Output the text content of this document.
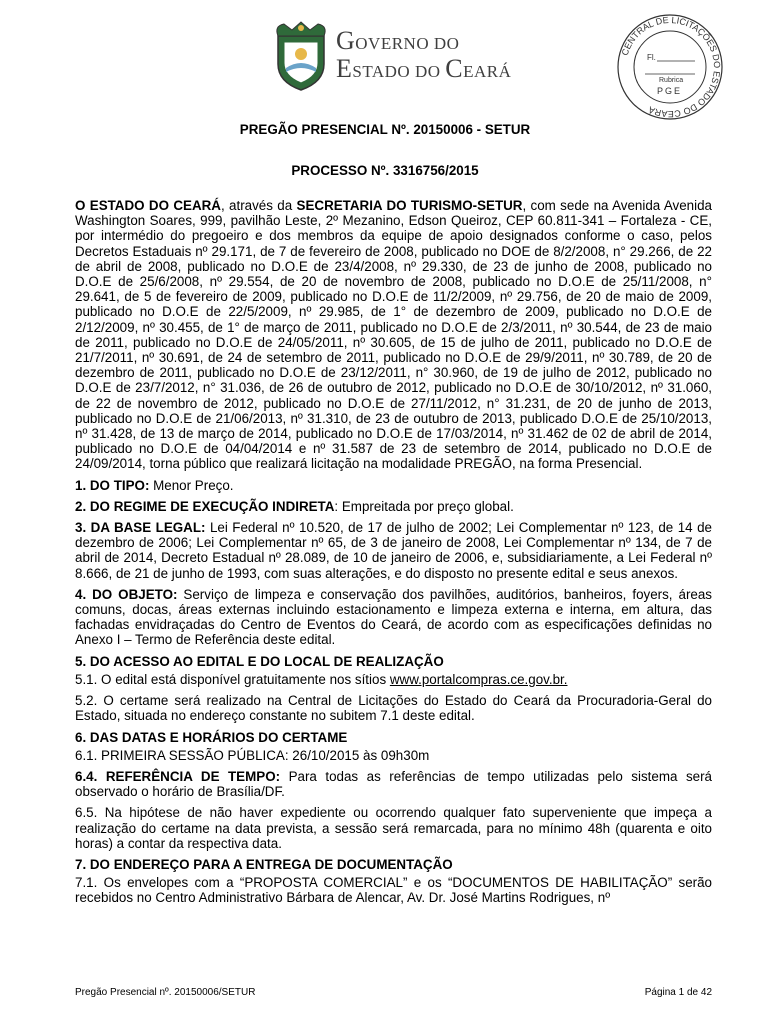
GOVERNO DO
ESTADO DO CEARÁ
CENTRAL DE LICITAÇÕES DO ESTADO DO CEARÁ
Fl.
Rubrica
PGE
PREGÃO PRESENCIAL Nº. 20150006 - SETUR
PROCESSO Nº. 3316756/2015

O ESTADO DO CEARÁ, através da SECRETARIA DO TURISMO-SETUR, com sede na Avenida Avenida Washington Soares, 999, pavilhão Leste, 2º Mezanino, Edson Queiroz, CEP 60.811-341 – Fortaleza - CE, por intermédio do pregoeiro e dos membros da equipe de apoio designados conforme o caso, pelos Decretos Estaduais nº 29.171, de 7 de fevereiro de 2008, publicado no DOE de 8/2/2008, n° 29.266, de 22 de abril de 2008, publicado no D.O.E de 23/4/2008, nº 29.330, de 23 de junho de 2008, publicado no D.O.E de 25/6/2008, nº 29.554, de 20 de novembro de 2008, publicado no D.O.E de 25/11/2008, n° 29.641, de 5 de fevereiro de 2009, publicado no D.O.E de 11/2/2009, nº 29.756, de 20 de maio de 2009, publicado no D.O.E de 22/5/2009, nº 29.985, de 1° de dezembro de 2009, publicado no D.O.E de 2/12/2009, nº 30.455, de 1° de março de 2011, publicado no D.O.E de 2/3/2011, nº 30.544, de 23 de maio de 2011, publicado no D.O.E de 24/05/2011, nº 30.605, de 15 de julho de 2011, publicado no D.O.E de 21/7/2011, nº 30.691, de 24 de setembro de 2011, publicado no D.O.E de 29/9/2011, nº 30.789, de 20 de dezembro de 2011, publicado no D.O.E de 23/12/2011, n° 30.960, de 19 de julho de 2012, publicado no D.O.E de 23/7/2012, n° 31.036, de 26 de outubro de 2012, publicado no D.O.E de 30/10/2012, nº 31.060, de 22 de novembro de 2012, publicado no D.O.E de 27/11/2012, n° 31.231, de 20 de junho de 2013, publicado no D.O.E de 21/06/2013, nº 31.310, de 23 de outubro de 2013, publicado D.O.E de 25/10/2013, nº 31.428, de 13 de março de 2014, publicado no D.O.E de 17/03/2014, nº 31.462 de 02 de abril de 2014, publicado no D.O.E de 04/04/2014 e nº 31.587 de 23 de setembro de 2014, publicado no D.O.E de 24/09/2014, torna público que realizará licitação na modalidade PREGÃO, na forma Presencial.

1. DO TIPO: Menor Preço.

2. DO REGIME DE EXECUÇÃO INDIRETA: Empreitada por preço global.

3. DA BASE LEGAL: Lei Federal nº 10.520, de 17 de julho de 2002; Lei Complementar nº 123, de 14 de dezembro de 2006; Lei Complementar nº 65, de 3 de janeiro de 2008, Lei Complementar nº 134, de 7 de abril de 2014, Decreto Estadual nº 28.089, de 10 de janeiro de 2006, e, subsidiariamente, a Lei Federal nº 8.666, de 21 de junho de 1993, com suas alterações, e do disposto no presente edital e seus anexos.

4. DO OBJETO: Serviço de limpeza e conservação dos pavilhões, auditórios, banheiros, foyers, áreas comuns, docas, áreas externas incluindo estacionamento e limpeza externa e interna, em altura, das fachadas envidraçadas do Centro de Eventos do Ceará, de acordo com as especificações definidas no Anexo I – Termo de Referência deste edital.

5. DO ACESSO AO EDITAL E DO LOCAL DE REALIZAÇÃO

5.1. O edital está disponível gratuitamente nos sítios www.portalcompras.ce.gov.br.

5.2. O certame será realizado na Central de Licitações do Estado do Ceará da Procuradoria-Geral do Estado, situada no endereço constante no subitem 7.1 deste edital.

6. DAS DATAS E HORÁRIOS DO CERTAME

6.1. PRIMEIRA SESSÃO PÚBLICA: 26/10/2015 às 09h30m

6.4. REFERÊNCIA DE TEMPO: Para todas as referências de tempo utilizadas pelo sistema será observado o horário de Brasília/DF.

6.5. Na hipótese de não haver expediente ou ocorrendo qualquer fato superveniente que impeça a realização do certame na data prevista, a sessão será remarcada, para no mínimo 48h (quarenta e oito horas) a contar da respectiva data.

7. DO ENDEREÇO PARA A ENTREGA DE DOCUMENTAÇÃO

7.1. Os envelopes com a “PROPOSTA COMERCIAL” e os “DOCUMENTOS DE HABILITAÇÃO” serão recebidos no Centro Administrativo Bárbara de Alencar, Av. Dr. José Martins Rodrigues, nº

Pregão Presencial nº. 20150006/SETUR	Página 1 de 42
